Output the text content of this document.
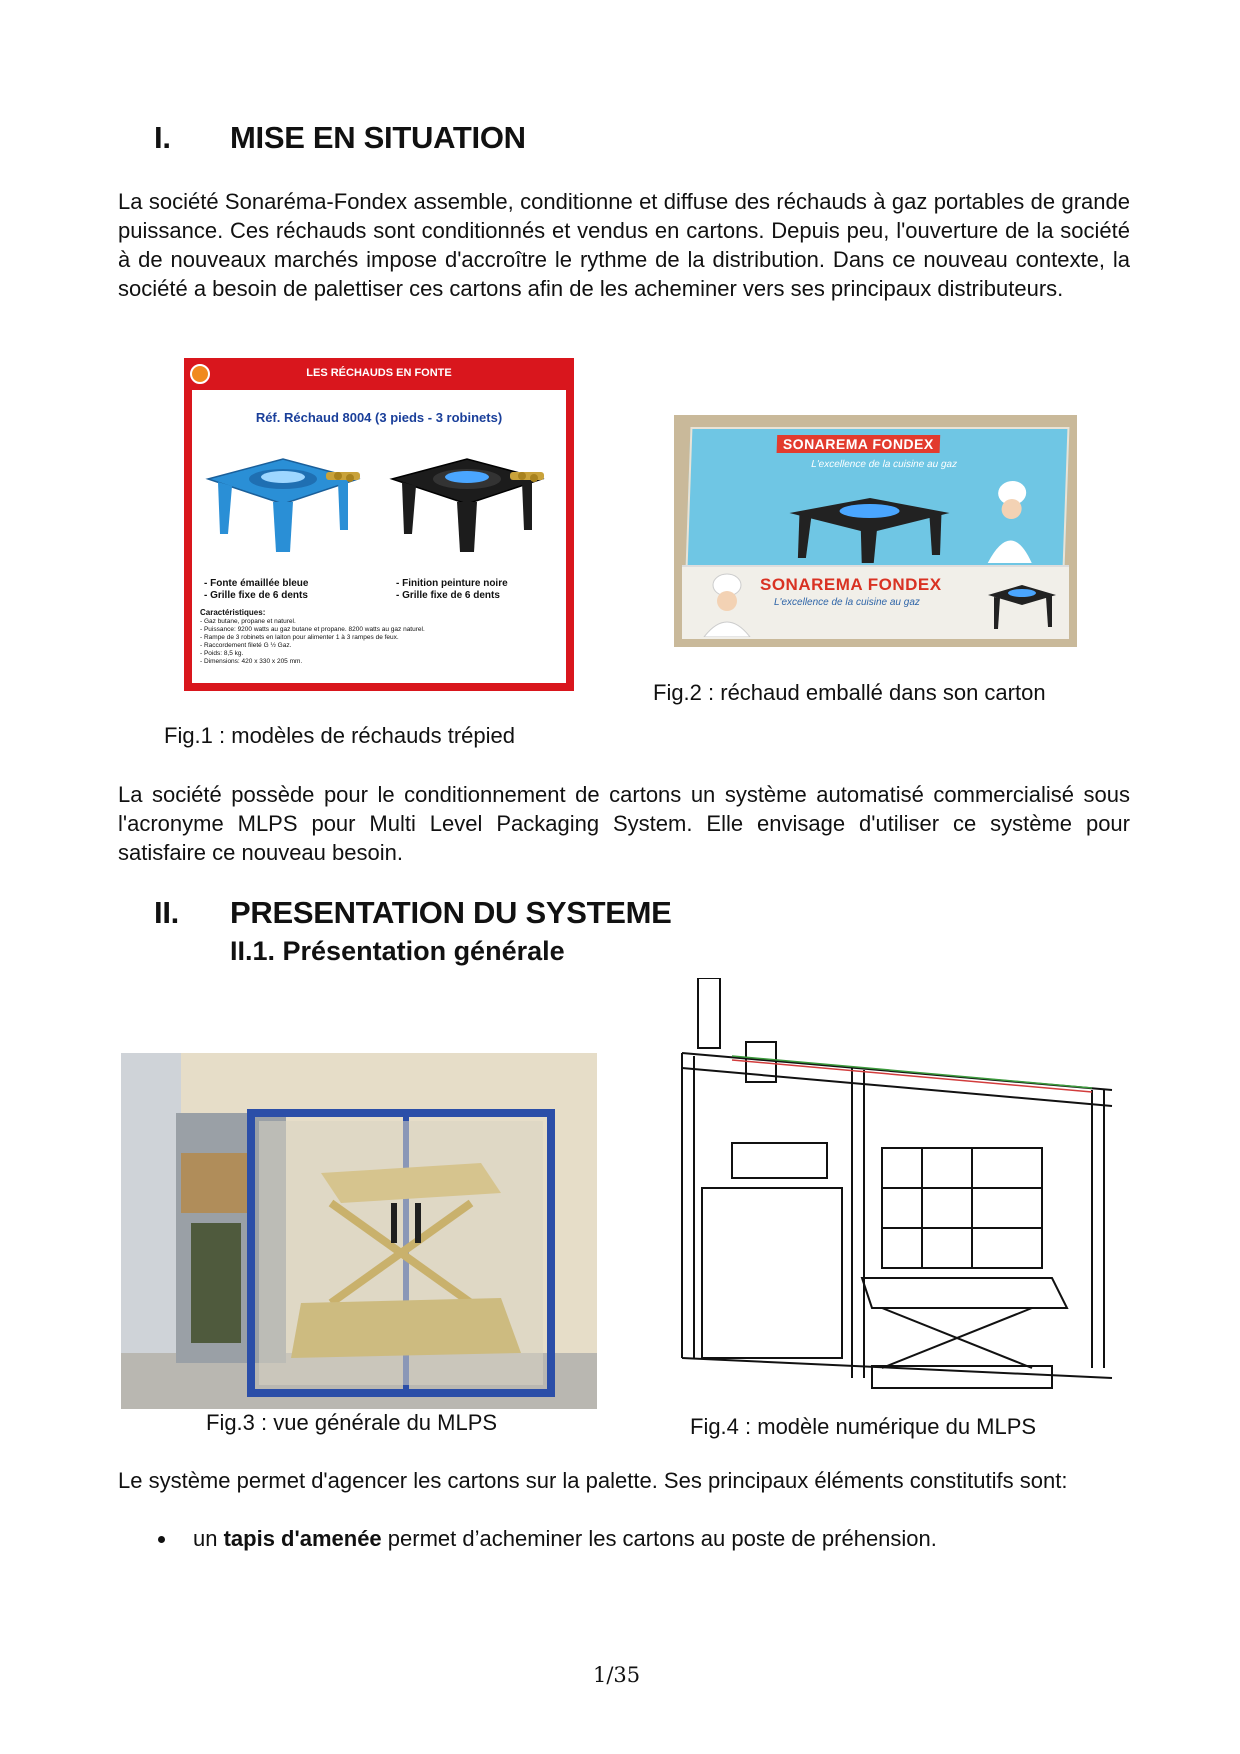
I. MISE EN SITUATION

La société Sonaréma-Fondex assemble, conditionne et diffuse des réchauds à gaz portables de grande puissance. Ces réchauds sont conditionnés et vendus en cartons. Depuis peu, l'ouverture de la société à de nouveaux marchés impose d'accroître le rythme de la distribution. Dans ce nouveau contexte, la société a besoin de palettiser ces cartons afin de les acheminer vers ses principaux distributeurs.

LES RÉCHAUDS EN FONTE
Réf. Réchaud 8004 (3 pieds - 3 robinets)
- Fonte émaillée bleue
- Grille fixe de 6 dents
- Finition peinture noire
- Grille fixe de 6 dents
Caractéristiques:
- Gaz butane, propane et naturel.
- Puissance: 9200 watts au gaz butane et propane. 8200 watts au gaz naturel.
- Rampe de 3 robinets en laiton pour alimenter 1 à 3 rampes de feux.
- Raccordement fileté G ½ Gaz.
- Poids: 8,5 kg.
- Dimensions: 420 x 330 x 205 mm.
Fig.1 : modèles de réchauds trépied
SONAREMA FONDEX
L'excellence de la cuisine au gaz
SONAREMA FONDEX
L'excellence de la cuisine au gaz
Fig.2 : réchaud emballé dans son carton

La société possède pour le conditionnement de cartons un système automatisé commercialisé sous l'acronyme MLPS pour Multi Level Packaging System. Elle envisage d'utiliser ce système pour satisfaire ce nouveau besoin.

II. PRESENTATION DU SYSTEME
II.1. Présentation générale
Fig.3 : vue générale du MLPS	Fig.4 : modèle numérique du MLPS

Le système permet d'agencer les cartons sur la palette. Ses principaux éléments constitutifs sont:

un tapis d'amenée permet d’acheminer les cartons au poste de préhension.
1/35
